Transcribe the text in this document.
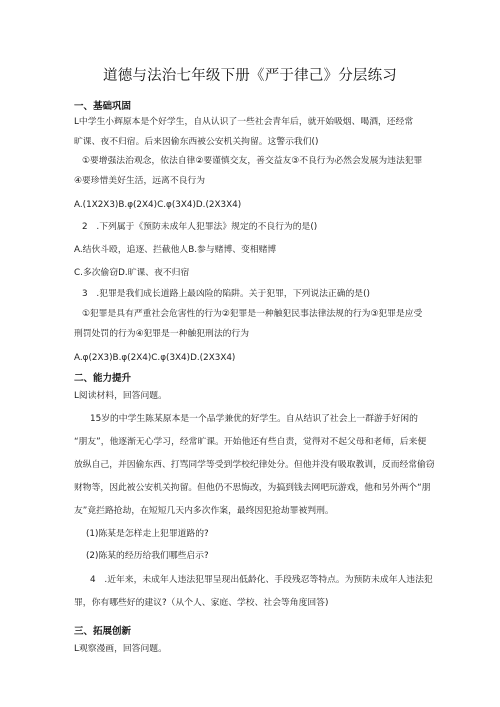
道德与法治七年级下册《严于律己》分层练习
一、基础巩固
L中学生小辉原本是个好学生，自从认识了一些社会青年后，就开始吸烟、喝酒，还经常
旷课、夜不归宿。后来因偷东西被公安机关拘留。这警示我们()
①要增强法治观念，依法自律②要谨慎交友，善交益友③不良行为必然会发展为违法犯罪
④要珍惜美好生活，远离不良行为
A.(1X2X3)B.φ(2X4)C.φ(3X4)D.(2X3X4)
2　.下列属于《预防未成年人犯罪法》规定的不良行为的是()
A.结伙斗殴，追逐、拦截他人B.参与赌博、变相赌博
C.多次偷窃D.旷课、夜不归宿
3　.犯罪是我们成长道路上最凶险的陷阱。关于犯罪，下列说法正确的是()
①犯罪是具有严重社会危害性的行为②犯罪是一种触犯民事法律法规的行为③犯罪是应受
刑罚处罚的行为④犯罪是一种触犯刑法的行为
A.φ(2X3)B.φ(2X4)C.φ(3X4)D.(2X3X4)
二、能力提升
L阅读材料，回答问题。
15岁的中学生陈某原本是一个品学兼优的好学生。自从结识了社会上一群游手好闲的
“朋友”，他逐渐无心学习，经常旷课。开始他还有些自责，觉得对不起父母和老师，后来便
放纵自己，并因偷东西、打骂同学等受到学校纪律处分。但他并没有吸取教训，反而经常偷窃
财物等，因此被公安机关拘留。但他仍不思悔改，为搞到钱去网吧玩游戏，他和另外两个“朋
友”竟拦路抢劫，在短短几天内多次作案，最终因犯抢劫罪被判刑。
(1)陈某是怎样走上犯罪道路的?
(2)陈某的经历给我们哪些启示?
4　.近年来，未成年人违法犯罪呈现出低龄化、手段残忍等特点。为预防未成年人违法犯
罪，你有哪些好的建议?（从个人、家庭、学校、社会等角度回答)
三、拓展创新
L观察漫画，回答问题。
